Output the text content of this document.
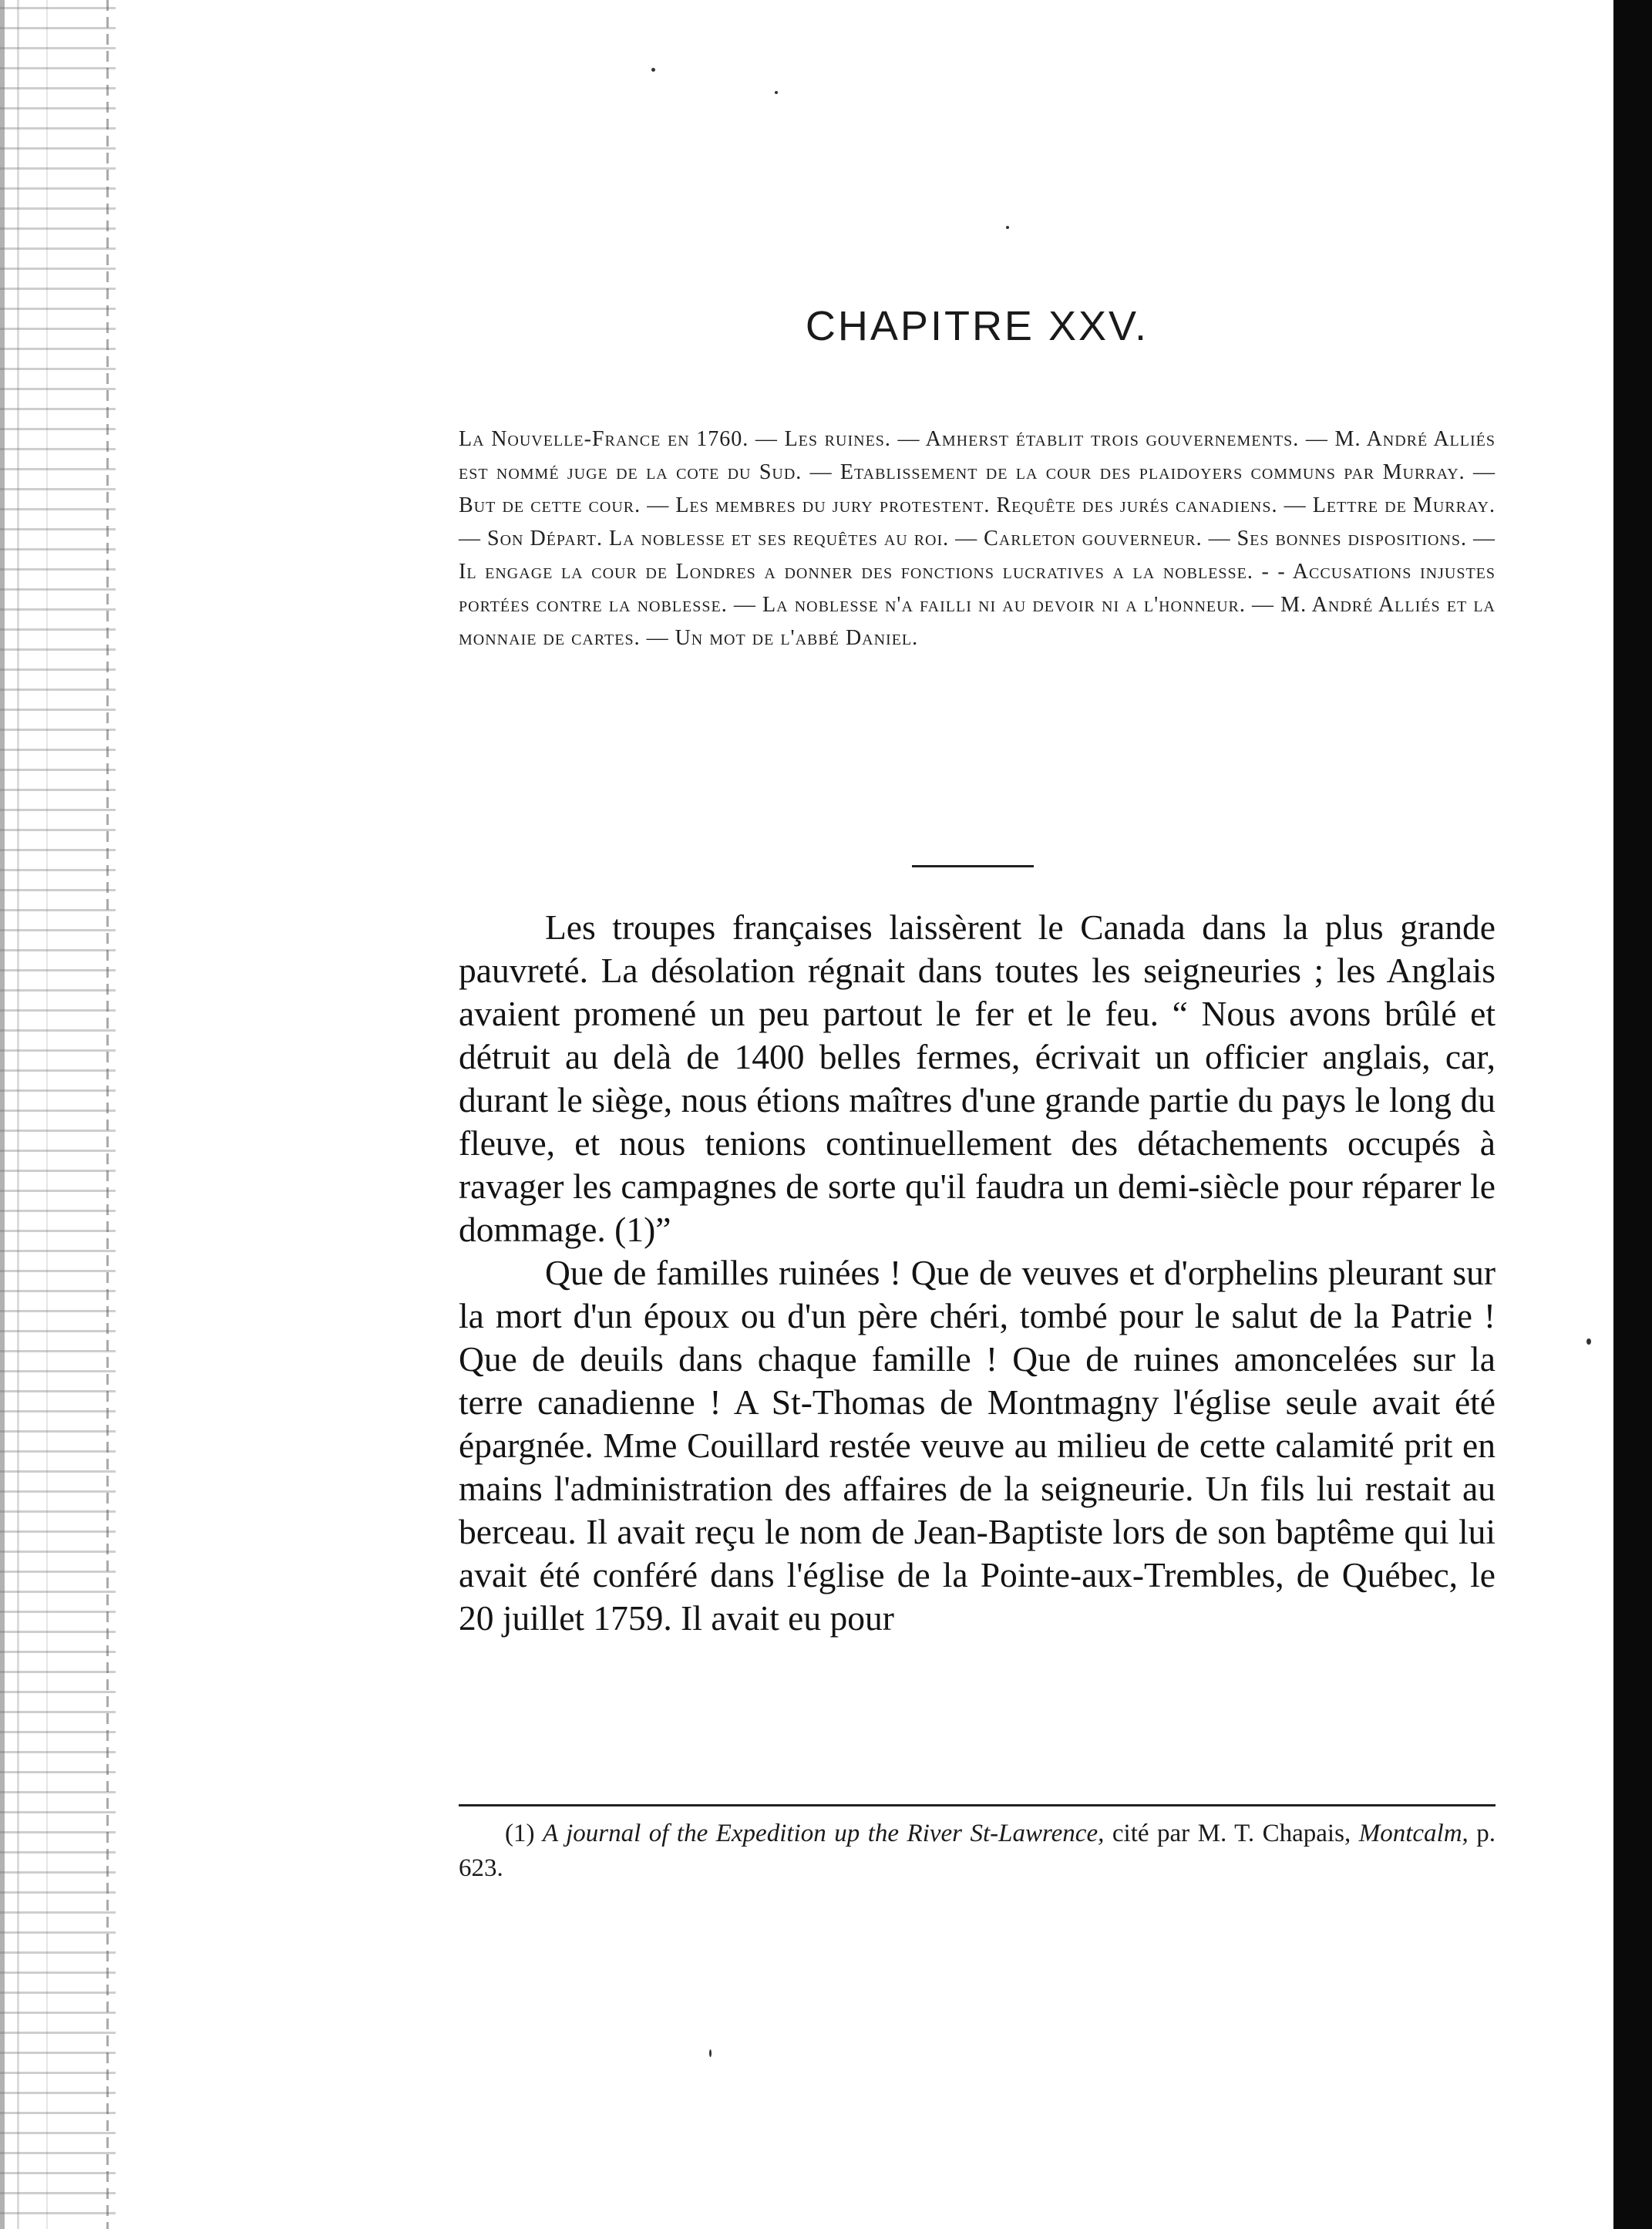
CHAPITRE XXV.

La Nouvelle-France en 1760. — Les ruines. — Amherst établit trois gouvernements. — M. André Alliés est nommé juge de la cote du Sud. — Etablissement de la cour des plaidoyers communs par Murray. — But de cette cour. — Les membres du jury protestent. Requête des jurés canadiens. — Lettre de Murray. — Son Départ. La noblesse et ses requêtes au roi. — Carleton gouverneur. — Ses bonnes dispositions. — Il engage la cour de Londres a donner des fonctions lucratives a la noblesse. - - Accusations injustes portées contre la noblesse. — La noblesse n'a failli ni au devoir ni a l'honneur. — M. André Alliés et la monnaie de cartes. — Un mot de l'abbé Daniel.

Les troupes françaises laissèrent le Canada dans la plus grande pauvreté. La désolation régnait dans toutes les seigneuries ; les Anglais avaient promené un peu partout le fer et le feu. “ Nous avons brûlé et détruit au delà de 1400 belles fermes, écrivait un officier anglais, car, durant le siège, nous étions maîtres d'une grande partie du pays le long du fleuve, et nous tenions continuellement des détachements occupés à ravager les campagnes de sorte qu'il faudra un demi-siècle pour réparer le dommage. (1)”

Que de familles ruinées ! Que de veuves et d'orphelins pleurant sur la mort d'un époux ou d'un père chéri, tombé pour le salut de la Patrie ! Que de deuils dans chaque famille ! Que de ruines amoncelées sur la terre canadienne ! A St-Thomas de Montmagny l'église seule avait été épargnée. Mme Couillard restée veuve au milieu de cette calamité prit en mains l'administration des affaires de la seigneurie. Un fils lui restait au berceau. Il avait reçu le nom de Jean-Baptiste lors de son baptême qui lui avait été conféré dans l'église de la Pointe-aux-Trembles, de Québec, le 20 juillet 1759. Il avait eu pour

(1) A journal of the Expedition up the River St-Lawrence, cité par M. T. Chapais, Montcalm, p. 623.
